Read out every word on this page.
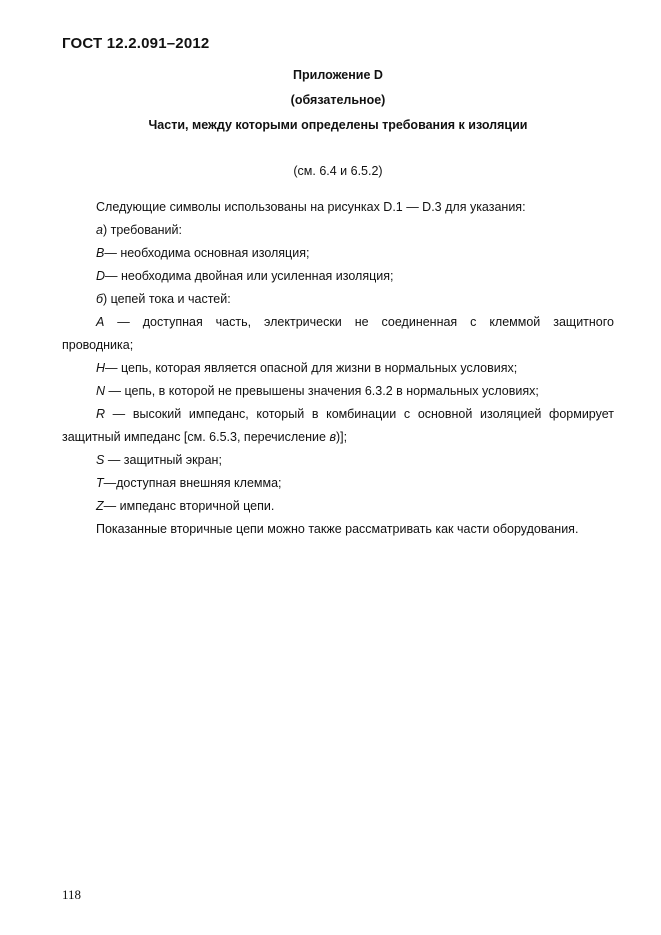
ГОСТ 12.2.091–2012
Приложение D
(обязательное)
Части, между которыми определены требования к изоляции
(см. 6.4 и 6.5.2)
Следующие символы использованы на рисунках D.1 — D.3 для указания:
а) требований:
B— необходима основная изоляция;
D— необходима двойная или усиленная изоляция;
б) цепей тока и частей:
A — доступная часть, электрически не соединенная с клеммой защитного
проводника;
H— цепь, которая является опасной для жизни в нормальных условиях;
N — цепь, в которой не превышены значения 6.3.2 в нормальных условиях;
R — высокий импеданс, который в комбинации с основной изоляцией формирует
защитный импеданс [см. 6.5.3, перечисление в)];
S — защитный экран;
T—доступная внешняя клемма;
Z— импеданс вторичной цепи.
Показанные вторичные цепи можно также рассматривать как части оборудования.
118
